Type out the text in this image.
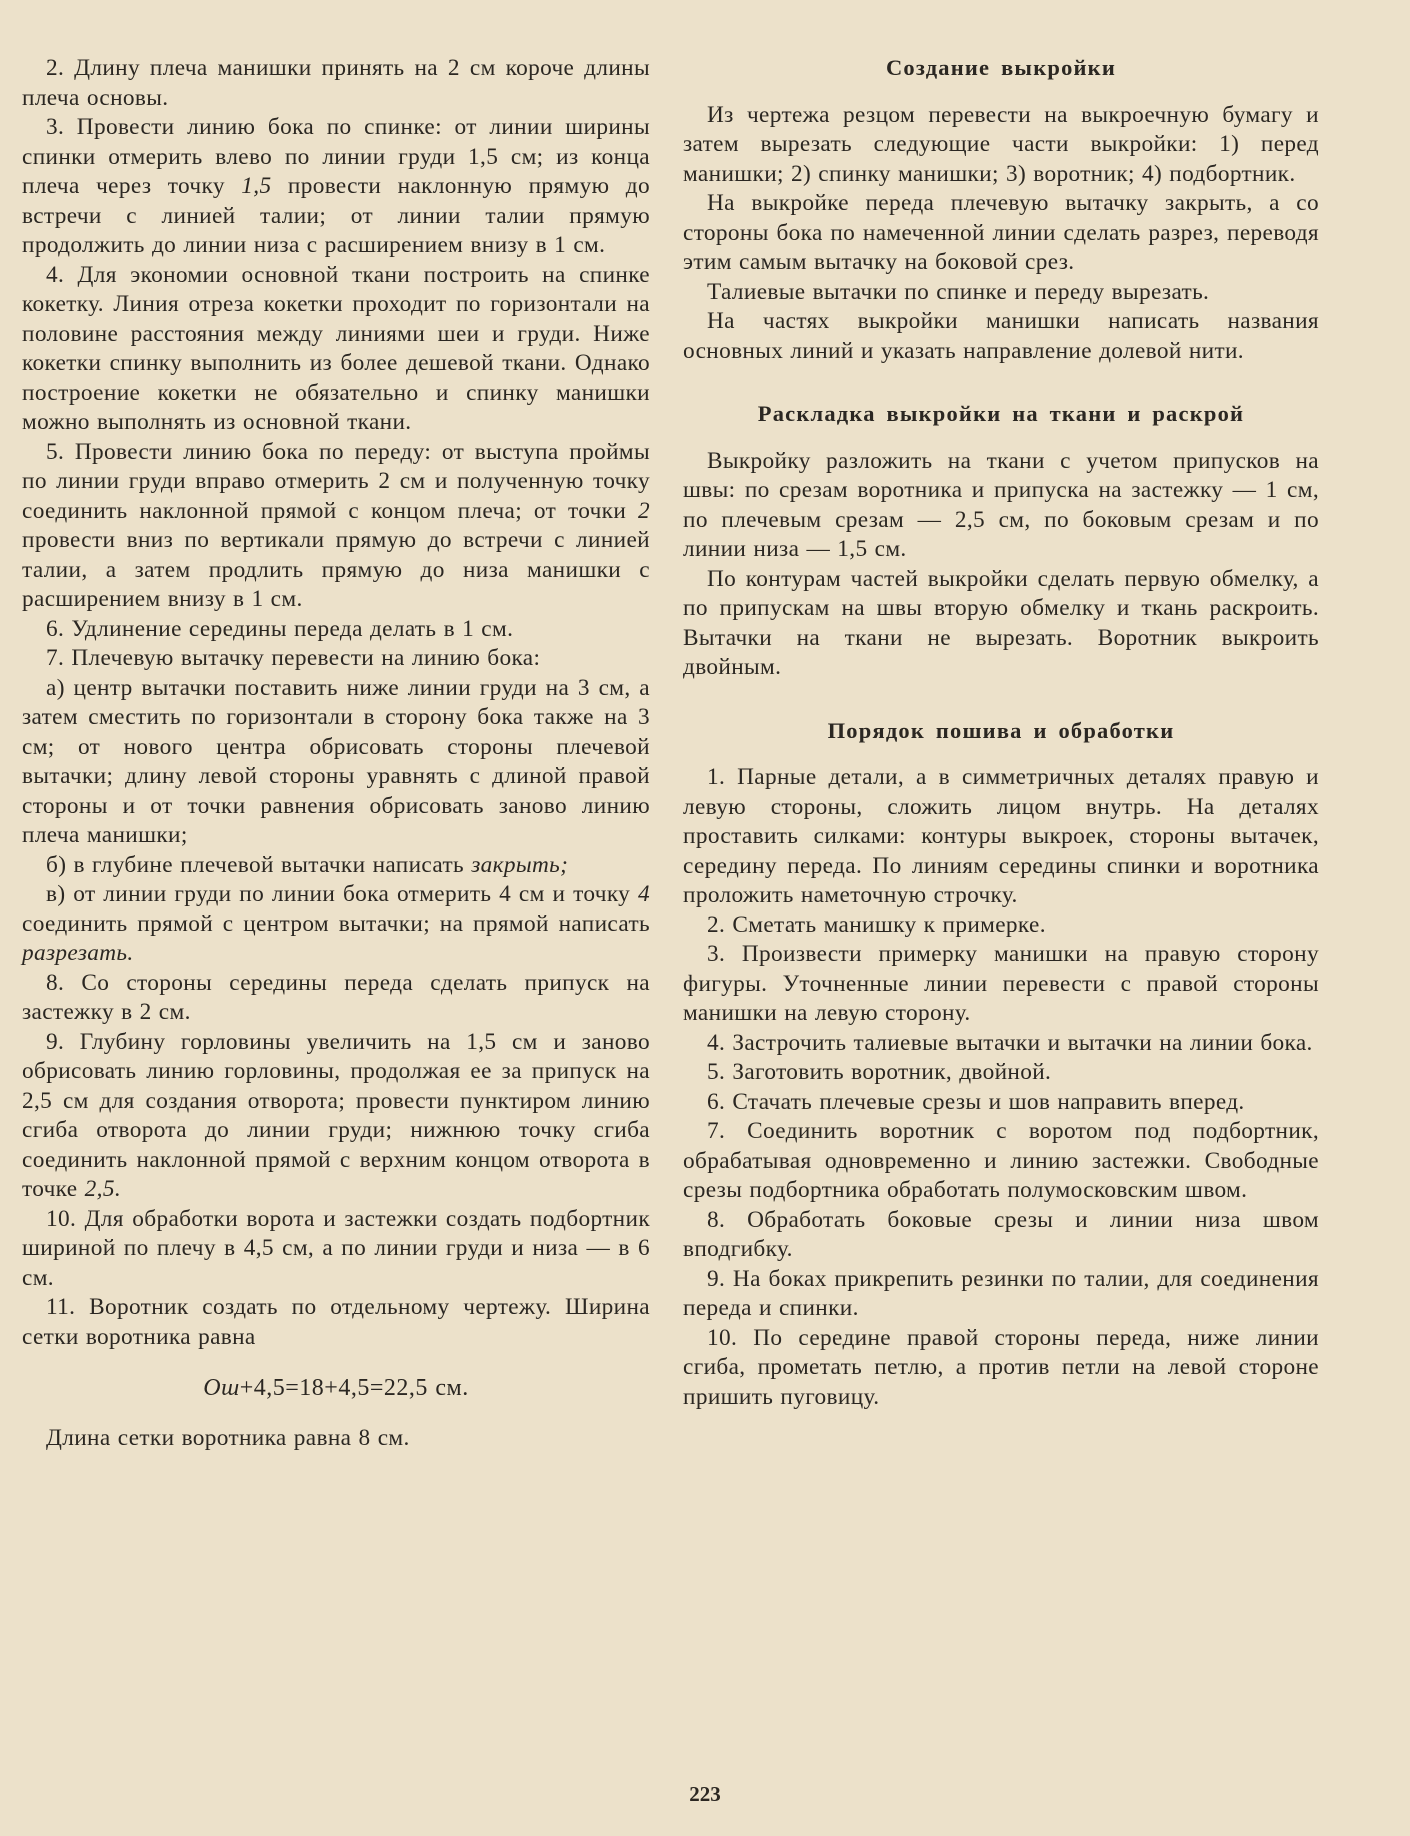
2. Длину плеча манишки принять на 2 см короче длины плеча основы.

3. Провести линию бока по спинке: от линии ширины спинки отмерить влево по линии груди 1,5 см; из конца плеча через точку 1,5 провести наклонную прямую до встречи с линией талии; от линии талии прямую продолжить до линии низа с расширением внизу в 1 см.

4. Для экономии основной ткани построить на спинке кокетку. Линия отреза кокетки проходит по горизонтали на половине расстояния между линиями шеи и груди. Ниже кокетки спинку выполнить из более дешевой ткани. Однако построение кокетки не обязательно и спинку манишки можно выполнять из основной ткани.

5. Провести линию бока по переду: от выступа проймы по линии груди вправо отмерить 2 см и полученную точку соединить наклонной прямой с концом плеча; от точки 2 провести вниз по вертикали прямую до встречи с линией талии, а затем продлить прямую до низа манишки с расширением внизу в 1 см.

6. Удлинение середины переда делать в 1 см.

7. Плечевую вытачку перевести на линию бока:

а) центр вытачки поставить ниже линии груди на 3 см, а затем сместить по горизонтали в сторону бока также на 3 см; от нового центра обрисовать стороны плечевой вытачки; длину левой стороны уравнять с длиной правой стороны и от точки равнения обрисовать заново линию плеча манишки;

б) в глубине плечевой вытачки написать закрыть;

в) от линии груди по линии бока отмерить 4 см и точку 4 соединить прямой с центром вытачки; на прямой написать разрезать.

8. Со стороны середины переда сделать припуск на застежку в 2 см.

9. Глубину горловины увеличить на 1,5 см и заново обрисовать линию горловины, продолжая ее за припуск на 2,5 см для создания отворота; провести пунктиром линию сгиба отворота до линии груди; нижнюю точку сгиба соединить наклонной прямой с верхним концом отворота в точке 2,5.

10. Для обработки ворота и застежки создать подбортник шириной по плечу в 4,5 см, а по линии груди и низа — в 6 см.

11. Воротник создать по отдельному чертежу. Ширина сетки воротника равна

Ош+4,5=18+4,5=22,5 см.

Длина сетки воротника равна 8 см.

Создание выкройки

Из чертежа резцом перевести на выкроечную бумагу и затем вырезать следующие части выкройки: 1) перед манишки; 2) спинку манишки; 3) воротник; 4) подбортник.

На выкройке переда плечевую вытачку закрыть, а со стороны бока по намеченной линии сделать разрез, переводя этим самым вытачку на боковой срез.

Талиевые вытачки по спинке и переду вырезать.

На частях выкройки манишки написать названия основных линий и указать направление долевой нити.

Раскладка выкройки на ткани и раскрой

Выкройку разложить на ткани с учетом припусков на швы: по срезам воротника и припуска на застежку — 1 см, по плечевым срезам — 2,5 см, по боковым срезам и по линии низа — 1,5 см.

По контурам частей выкройки сделать первую обмелку, а по припускам на швы вторую обмелку и ткань раскроить. Вытачки на ткани не вырезать. Воротник выкроить двойным.

Порядок пошива и обработки

1. Парные детали, а в симметричных деталях правую и левую стороны, сложить лицом внутрь. На деталях проставить силками: контуры выкроек, стороны вытачек, середину переда. По линиям середины спинки и воротника проложить наметочную строчку.

2. Сметать манишку к примерке.

3. Произвести примерку манишки на правую сторону фигуры. Уточненные линии перевести с правой стороны манишки на левую сторону.

4. Застрочить талиевые вытачки и вытачки на линии бока.

5. Заготовить воротник, двойной.

6. Стачать плечевые срезы и шов направить вперед.

7. Соединить воротник с воротом под подбортник, обрабатывая одновременно и линию застежки. Свободные срезы подбортника обработать полумосковским швом.

8. Обработать боковые срезы и линии низа швом вподгибку.

9. На боках прикрепить резинки по талии, для соединения переда и спинки.

10. По середине правой стороны переда, ниже линии сгиба, прометать петлю, а против петли на левой стороне пришить пуговицу.

223
